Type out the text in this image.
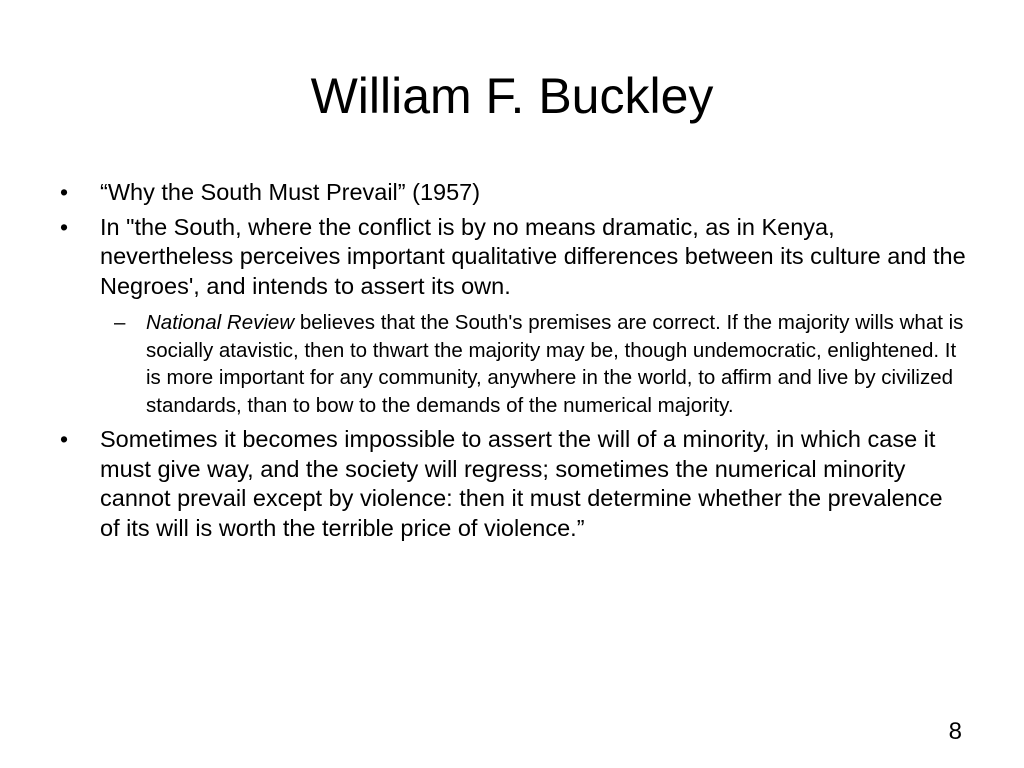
William F. Buckley
• “Why the South Must Prevail” (1957)
• In "the South, where the conflict is by no means dramatic, as in Kenya, nevertheless perceives important qualitative differences between its culture and the Negroes', and intends to assert its own.
– National Review believes that the South's premises are correct. If the majority wills what is socially atavistic, then to thwart the majority may be, though undemocratic, enlightened. It is more important for any community, anywhere in the world, to affirm and live by civilized standards, than to bow to the demands of the numerical majority.
• Sometimes it becomes impossible to assert the will of a minority, in which case it must give way, and the society will regress; sometimes the numerical minority cannot prevail except by violence: then it must determine whether the prevalence of its will is worth the terrible price of violence.”
8
